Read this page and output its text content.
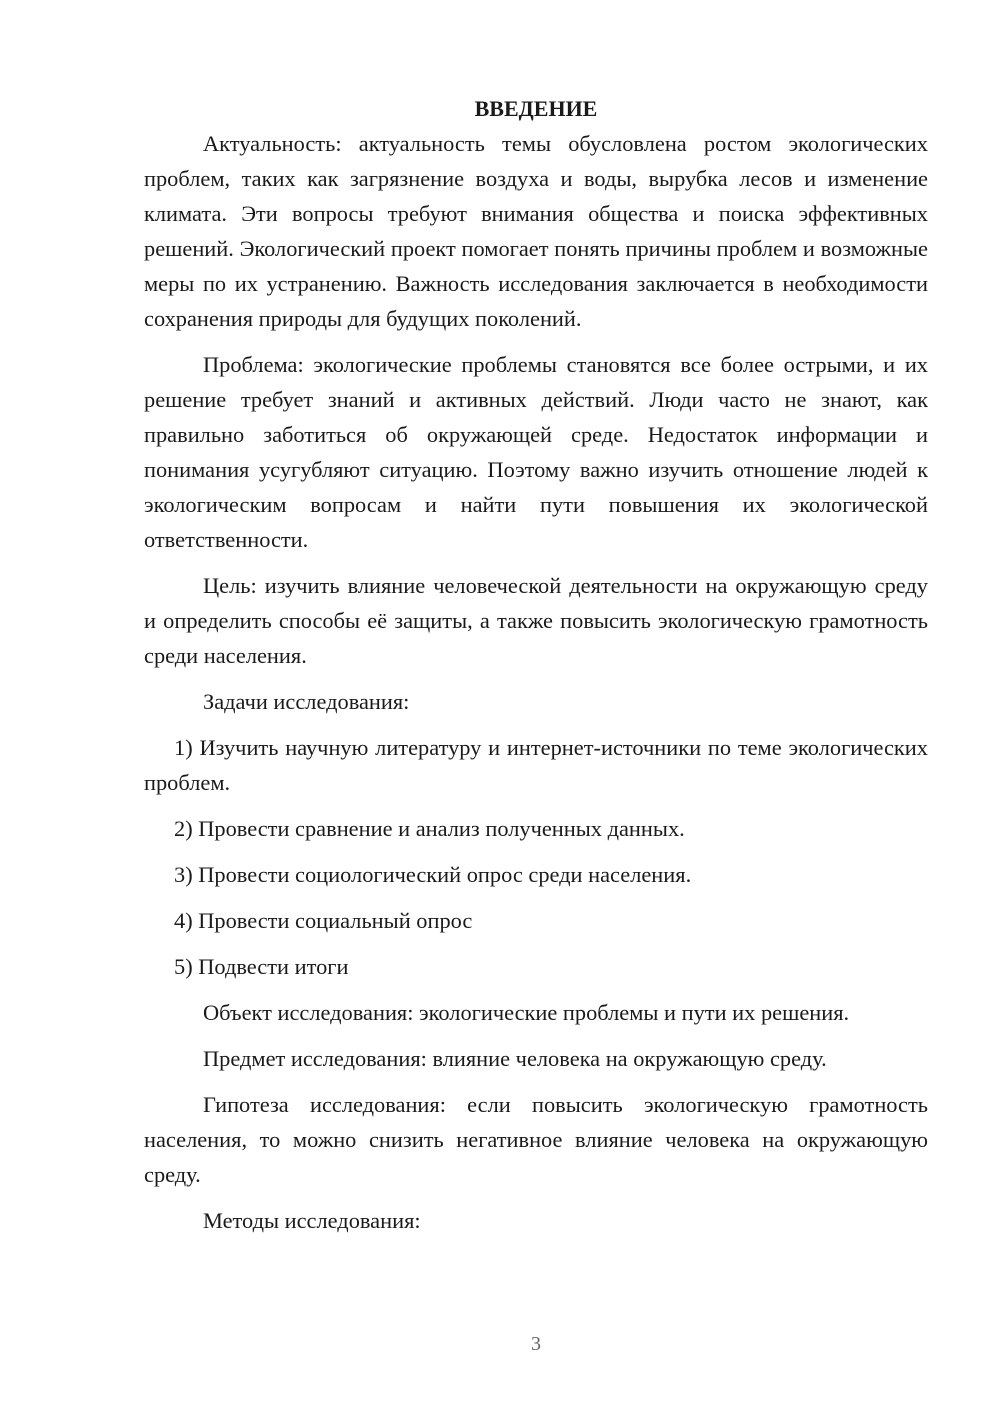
ВВЕДЕНИЕ

Актуальность: актуальность темы обусловлена ростом экологических проблем, таких как загрязнение воздуха и воды, вырубка лесов и изменение климата. Эти вопросы требуют внимания общества и поиска эффективных решений. Экологический проект помогает понять причины проблем и возможные меры по их устранению. Важность исследования заключается в необходимости сохранения природы для будущих поколений.

Проблема: экологические проблемы становятся все более острыми, и их решение требует знаний и активных действий. Люди часто не знают, как правильно заботиться об окружающей среде. Недостаток информации и понимания усугубляют ситуацию. Поэтому важно изучить отношение людей к экологическим вопросам и найти пути повышения их экологической ответственности.

Цель: изучить влияние человеческой деятельности на окружающую среду и определить способы её защиты, а также повысить экологическую грамотность среди населения.

Задачи исследования:

1) Изучить научную литературу и интернет-источники по теме экологических проблем.

2) Провести сравнение и анализ полученных данных.

3) Провести социологический опрос среди населения.

4) Провести социальный опрос

5) Подвести итоги

Объект исследования: экологические проблемы и пути их решения.

Предмет исследования: влияние человека на окружающую среду.

Гипотеза исследования: если повысить экологическую грамотность населения, то можно снизить негативное влияние человека на окружающую среду.

Методы исследования:

3
